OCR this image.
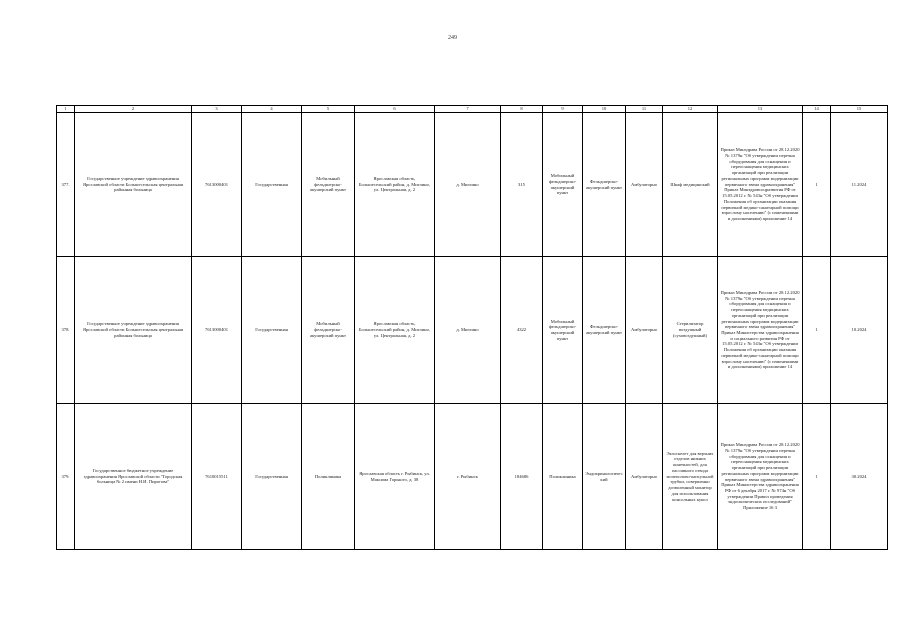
249
1	2	3	4	5	6	7	8	9	10	11	12	13	14	15
377.	Государственное учреждение здравоохранения Ярославской области Большесельская центральная районная больница	7613000401	Государственная	Мобильный фельдшерско-акушерский пункт	Ярославская область, Большесельский район, д. Миглино, ул. Центральная, д. 2	д. Миглино	315	Мобильный фельдшерско-акушерский пункт	Фельдшерско-акушерский пункт	Амбулаторно	Шкаф медицинский	Приказ Минздрава России от 28.12.2020 № 1379н "Об утверждении перечня оборудования для оснащения и переоснащения медицинских организаций при реализации региональных программ модернизации первичного звена здравоохранения" Приказ Минздравсоцразвития РФ от 15.05.2012 г. № 543н "Об утверждении Положения об организации оказания первичной медико-санитарной помощи взрослому населению" (с изменениями и дополнениями) приложение 14	1	11.2024
378.	Государственное учреждение здравоохранения Ярославской области Большесельская центральная районная больница	7613000401	Государственная	Мобильный фельдшерско-акушерский пункт	Ярославская область, Большесельский район, д. Миглино, ул. Центральная, д. 2	д. Миглино	4322	Мобильный фельдшерско-акушерский пункт	Фельдшерско-акушерский пункт	Амбулаторно	Стерилизатор воздушный (суховоздушный)	Приказ Минздрава России от 28.12.2020 № 1379н "Об утверждении перечня оборудования для оснащения и переоснащения медицинских организаций при реализации региональных программ модернизации первичного звена здравоохранения" Приказ Министерства здравоохранения и социального развития РФ от 15.05.2012 г. № 543н "Об утверждении Положения об организации оказания первичной медико-санитарной помощи взрослому населению" (с изменениями и дополнениями) приложение 14	1	10.2024
379.	Государственное бюджетное учреждение здравоохранения Ярославской области "Городская больница № 2 имени Н.И. Пирогова"	7610015511	Государственная	Поликлиника	Ярославская область г. Рыбинск, ул. Максима Горького, д. 38	г. Рыбинск	184686	Поликлиника	Эндокринологический	Амбулаторно	Экзоскелет для верхних отделов нижних конечностей, для пассивного отвода мочеполово-капсульной трубки, совершенно дозволенный монитор для использования консольных кукол	Приказ Минздрава России от 28.12.2020 № 1379н "Об утверждении перечня оборудования для оснащения и переоснащения медицинских организаций при реализации региональных программ модернизации первичного звена здравоохранения" Приказ Министерства здравоохранения РФ от 6 декабря 2017 г. № 974н "Об утверждении Правил проведения эндоскопических исследований" Приложение 16 3	1	30.2024
